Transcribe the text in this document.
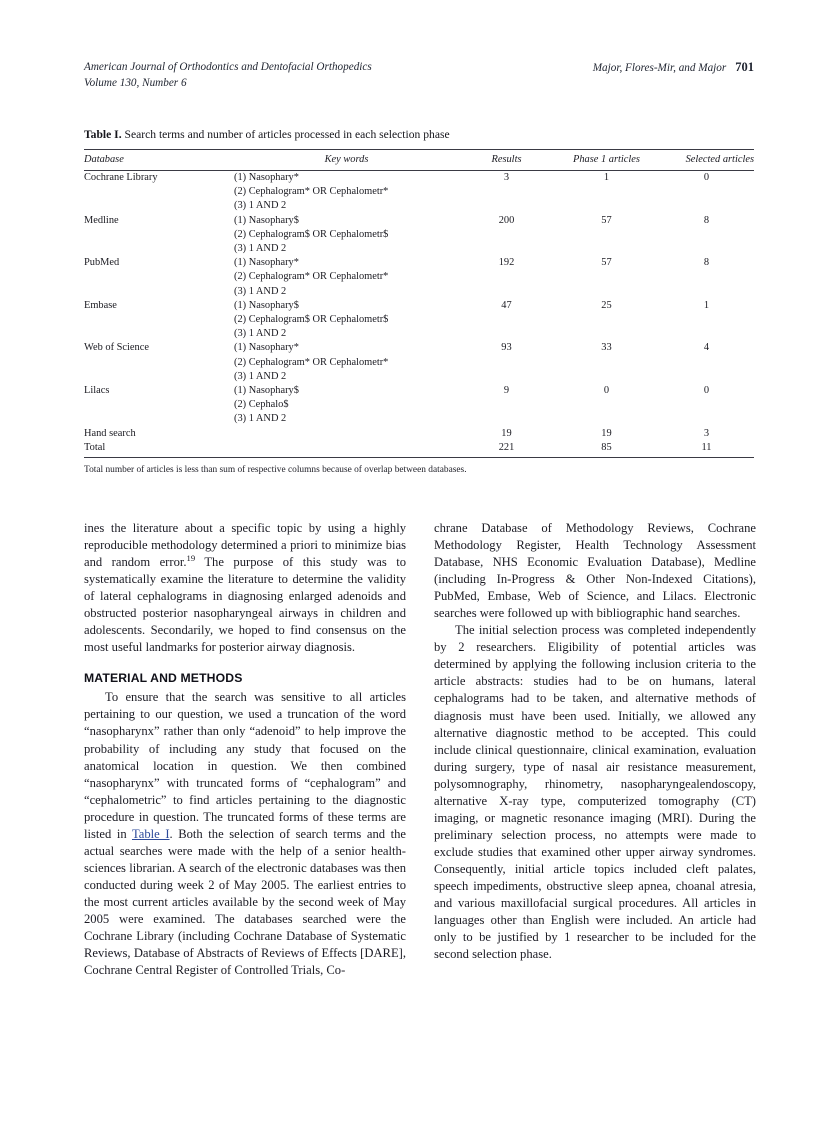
American Journal of Orthodontics and Dentofacial Orthopedics
Volume 130, Number 6
Major, Flores-Mir, and Major 701
Table I. Search terms and number of articles processed in each selection phase
Database	Key words	Results	Phase 1 articles	Selected articles
Cochrane Library	(1) Nasophary*
(2) Cephalogram* OR Cephalometr*
(3) 1 AND 2	3	1	0
Medline	(1) Nasophary$
(2) Cephalogram$ OR Cephalometr$
(3) 1 AND 2	200	57	8
PubMed	(1) Nasophary*
(2) Cephalogram* OR Cephalometr*
(3) 1 AND 2	192	57	8
Embase	(1) Nasophary$
(2) Cephalogram$ OR Cephalometr$
(3) 1 AND 2	47	25	1
Web of Science	(1) Nasophary*
(2) Cephalogram* OR Cephalometr*
(3) 1 AND 2	93	33	4
Lilacs	(1) Nasophary$
(2) Cephalo$
(3) 1 AND 2	9	0	0
Hand search		19	19	3
Total		221	85	11
Total number of articles is less than sum of respective columns because of overlap between databases.

ines the literature about a specific topic by using a highly reproducible methodology determined a priori to minimize bias and random error.$^{19}$ The purpose of this study was to systematically examine the literature to determine the validity of lateral cephalograms in diagnosing enlarged adenoids and obstructed posterior nasopharyngeal airways in children and adolescents. Secondarily, we hoped to find consensus on the most useful landmarks for posterior airway diagnosis.

MATERIAL AND METHODS

To ensure that the search was sensitive to all articles pertaining to our question, we used a truncation of the word “nasopharynx” rather than only “adenoid” to help improve the probability of including any study that focused on the anatomical location in question. We then combined “nasopharynx” with truncated forms of “cephalogram” and “cephalometric” to find articles pertaining to the diagnostic procedure in question. The truncated forms of these terms are listed in Table I. Both the selection of search terms and the actual searches were made with the help of a senior health-sciences librarian. A search of the electronic databases was then conducted during week 2 of May 2005. The earliest entries to the most current articles available by the second week of May 2005 were examined. The databases searched were the Cochrane Library (including Cochrane Database of Systematic Reviews, Database of Abstracts of Reviews of Effects [DARE], Cochrane Central Register of Controlled Trials, Co-

chrane Database of Methodology Reviews, Cochrane Methodology Register, Health Technology Assessment Database, NHS Economic Evaluation Database), Medline (including In-Progress & Other Non-Indexed Citations), PubMed, Embase, Web of Science, and Lilacs. Electronic searches were followed up with bibliographic hand searches.

The initial selection process was completed independently by 2 researchers. Eligibility of potential articles was determined by applying the following inclusion criteria to the article abstracts: studies had to be on humans, lateral cephalograms had to be taken, and alternative methods of diagnosis must have been used. Initially, we allowed any alternative diagnostic method to be accepted. This could include clinical questionnaire, clinical examination, evaluation during surgery, type of nasal air resistance measurement, polysomnography, rhinometry, nasopharyngealendoscopy, alternative X-ray type, computerized tomography (CT) imaging, or magnetic resonance imaging (MRI). During the preliminary selection process, no attempts were made to exclude studies that examined other upper airway syndromes. Consequently, initial article topics included cleft palates, speech impediments, obstructive sleep apnea, choanal atresia, and various maxillofacial surgical procedures. All articles in languages other than English were included. An article had only to be justified by 1 researcher to be included for the second selection phase.
